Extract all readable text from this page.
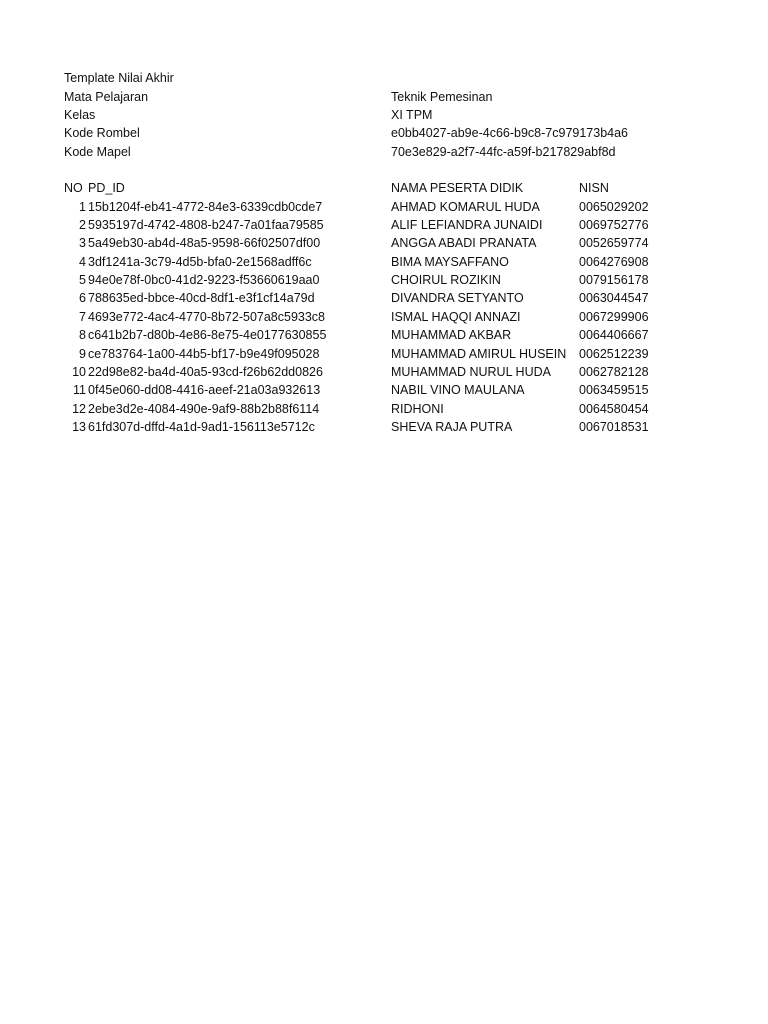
Template Nilai Akhir
Mata Pelajaran	Teknik Pemesinan
Kelas	XI TPM
Kode Rombel	e0bb4027-ab9e-4c66-b9c8-7c979173b4a6
Kode Mapel	70e3e829-a2f7-44fc-a59f-b217829abf8d
NO PD_ID	NAMA PESERTA DIDIK	NISN
1 15b1204f-eb41-4772-84e3-6339cdb0cde7	AHMAD KOMARUL HUDA	0065029202
2 5935197d-4742-4808-b247-7a01faa79585	ALIF LEFIANDRA JUNAIDI	0069752776
3 5a49eb30-ab4d-48a5-9598-66f02507df00	ANGGA ABADI PRANATA	0052659774
4 3df1241a-3c79-4d5b-bfa0-2e1568adff6c	BIMA MAYSAFFANO	0064276908
5 94e0e78f-0bc0-41d2-9223-f53660619aa0	CHOIRUL ROZIKIN	0079156178
6 788635ed-bbce-40cd-8df1-e3f1cf14a79d	DIVANDRA SETYANTO	0063044547
7 4693e772-4ac4-4770-8b72-507a8c5933c8	ISMAL HAQQI ANNAZI	0067299906
8 c641b2b7-d80b-4e86-8e75-4e0177630855	MUHAMMAD AKBAR	0064406667
9 ce783764-1a00-44b5-bf17-b9e49f095028	MUHAMMAD AMIRUL HUSEIN 0062512239
10 22d98e82-ba4d-40a5-93cd-f26b62dd0826	MUHAMMAD NURUL HUDA 0062782128
11 0f45e060-dd08-4416-aeef-21a03a932613	NABIL VINO MAULANA	0063459515
12 2ebe3d2e-4084-490e-9af9-88b2b88f6114	RIDHONI	0064580454
13 61fd307d-dffd-4a1d-9ad1-156113e5712c	SHEVA RAJA PUTRA	0067018531
